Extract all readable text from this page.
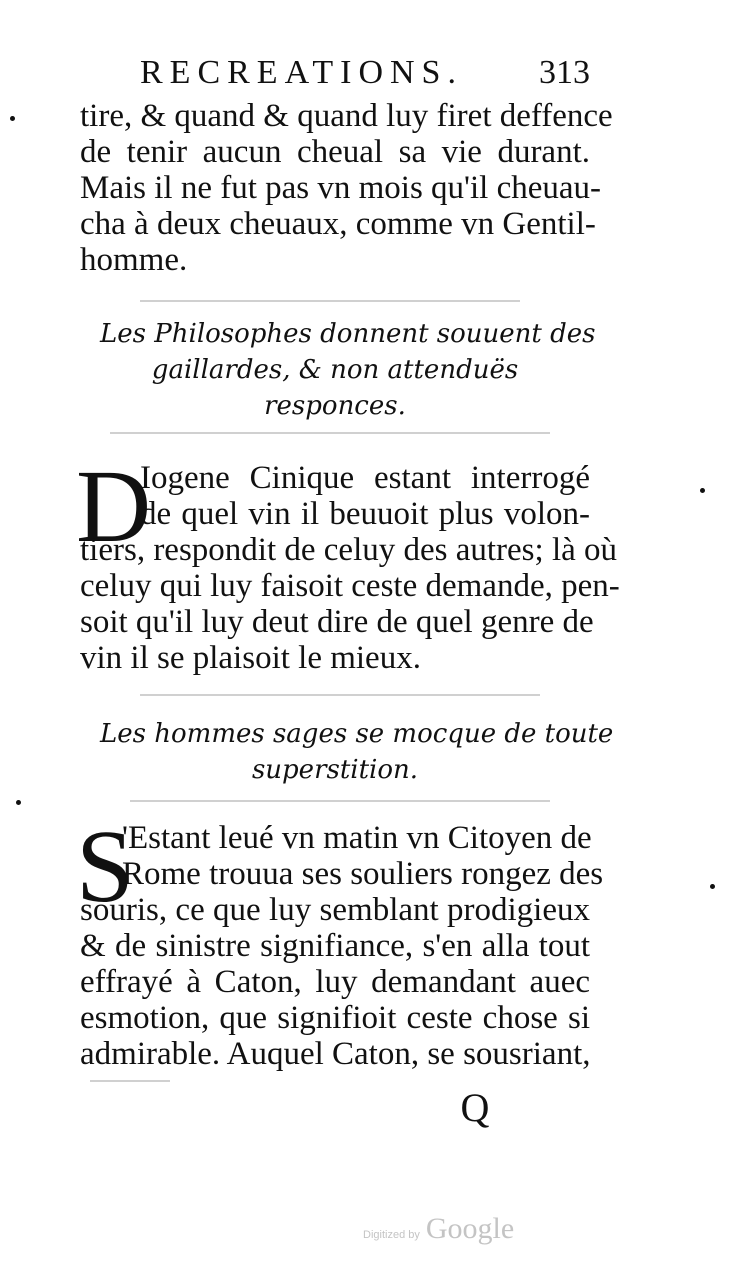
RECREATIONS. 313
tire, & quand & quand luy firet deffence
de tenir aucun cheual sa vie durant.
Mais il ne fut pas vn mois qu'il cheuau-
cha à deux cheuaux, comme vn Gentil-
homme.
Les Philosophes donnent souuent des
gaillardes, & non attenduës
responces.
D
Iogene Cinique estant interrogé
de quel vin il beuuoit plus volon-
tiers, respondit de celuy des autres; là où
celuy qui luy faisoit ceste demande, pen-
soit qu'il luy deut dire de quel genre de
vin il se plaisoit le mieux.
Les hommes sages se mocque de toute
superstition.
S
'Estant leué vn matin vn Citoyen de
Rome trouua ses souliers rongez des
souris, ce que luy semblant prodigieux
& de sinistre signifiance, s'en alla tout
effrayé à Caton, luy demandant auec
esmotion, que signifioit ceste chose si
admirable. Auquel Caton, se sousriant,
Q
Digitized by Google
